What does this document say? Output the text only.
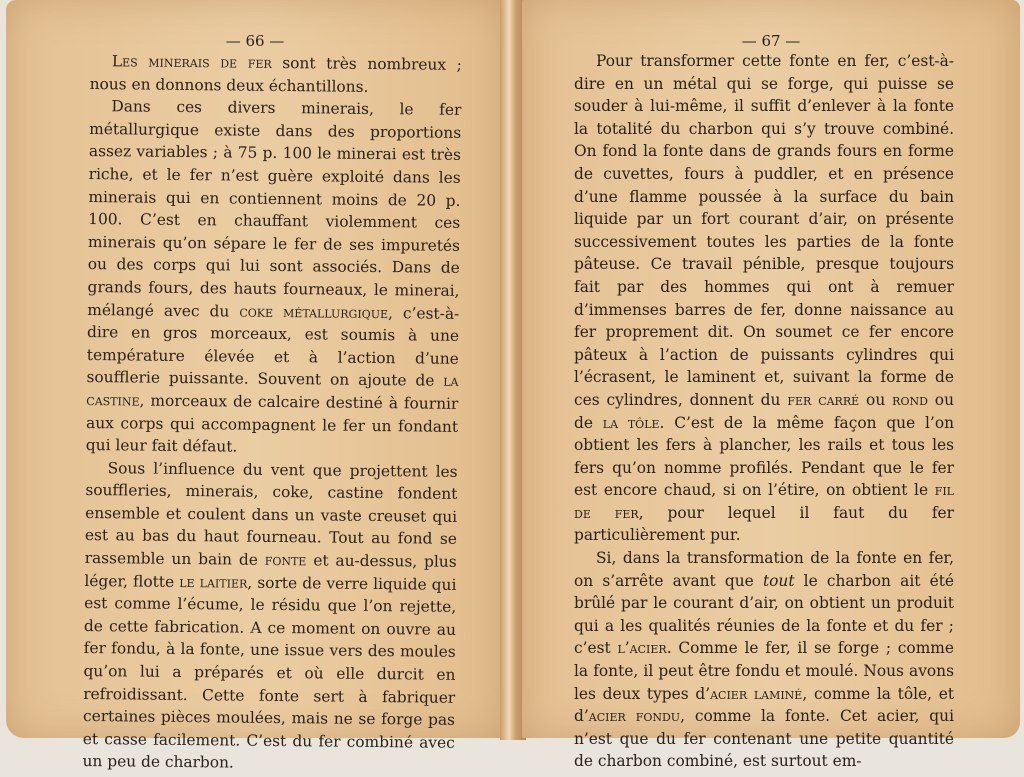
— 66 —

Les minerais de fer sont très nombreux ; nous en donnons deux échantillons.

Dans ces divers minerais, le fer métallurgique existe dans des proportions assez variables ; à 75 p. 100 le minerai est très riche, et le fer n’est guère exploité dans les minerais qui en contiennent moins de 20 p. 100. C’est en chauffant violemment ces minerais qu’on sépare le fer de ses impuretés ou des corps qui lui sont associés. Dans de grands fours, des hauts fourneaux, le minerai, mélangé avec du coke métallurgique, c’est-à-dire en gros morceaux, est soumis à une température élevée et à l’action d’une soufflerie puissante. Souvent on ajoute de la castine, morceaux de calcaire destiné à fournir aux corps qui accompagnent le fer un fondant qui leur fait défaut.

Sous l’influence du vent que projettent les souffleries, minerais, coke, castine fondent ensemble et coulent dans un vaste creuset qui est au bas du haut fourneau. Tout au fond se rassemble un bain de fonte et au-dessus, plus léger, flotte le laitier, sorte de verre liquide qui est comme l’écume, le résidu que l’on rejette, de cette fabrication. A ce moment on ouvre au fer fondu, à la fonte, une issue vers des moules qu’on lui a préparés et où elle durcit en refroidissant. Cette fonte sert à fabriquer certaines pièces moulées, mais ne se forge pas et casse facilement. C’est du fer combiné avec un peu de charbon.

— 67 —

Pour transformer cette fonte en fer, c’est-à-dire en un métal qui se forge, qui puisse se souder à lui-même, il suffit d’enlever à la fonte la totalité du charbon qui s’y trouve combiné. On fond la fonte dans de grands fours en forme de cuvettes, fours à puddler, et en présence d’une flamme poussée à la surface du bain liquide par un fort courant d’air, on présente successivement toutes les parties de la fonte pâteuse. Ce travail pénible, presque toujours fait par des hommes qui ont à remuer d’immenses barres de fer, donne naissance au fer proprement dit. On soumet ce fer encore pâteux à l’action de puissants cylindres qui l’écrasent, le laminent et, suivant la forme de ces cylindres, donnent du fer carré ou rond ou de la tôle. C’est de la même façon que l’on obtient les fers à plancher, les rails et tous les fers qu’on nomme profilés. Pendant que le fer est encore chaud, si on l’étire, on obtient le fil de fer, pour lequel il faut du fer particulièrement pur.

Si, dans la transformation de la fonte en fer, on s’arrête avant que tout le charbon ait été brûlé par le courant d’air, on obtient un produit qui a les qualités réunies de la fonte et du fer ; c’est l’acier. Comme le fer, il se forge ; comme la fonte, il peut être fondu et moulé. Nous avons les deux types d’acier laminé, comme la tôle, et d’acier fondu, comme la fonte. Cet acier, qui n’est que du fer contenant une petite quantité de charbon combiné, est surtout em-
